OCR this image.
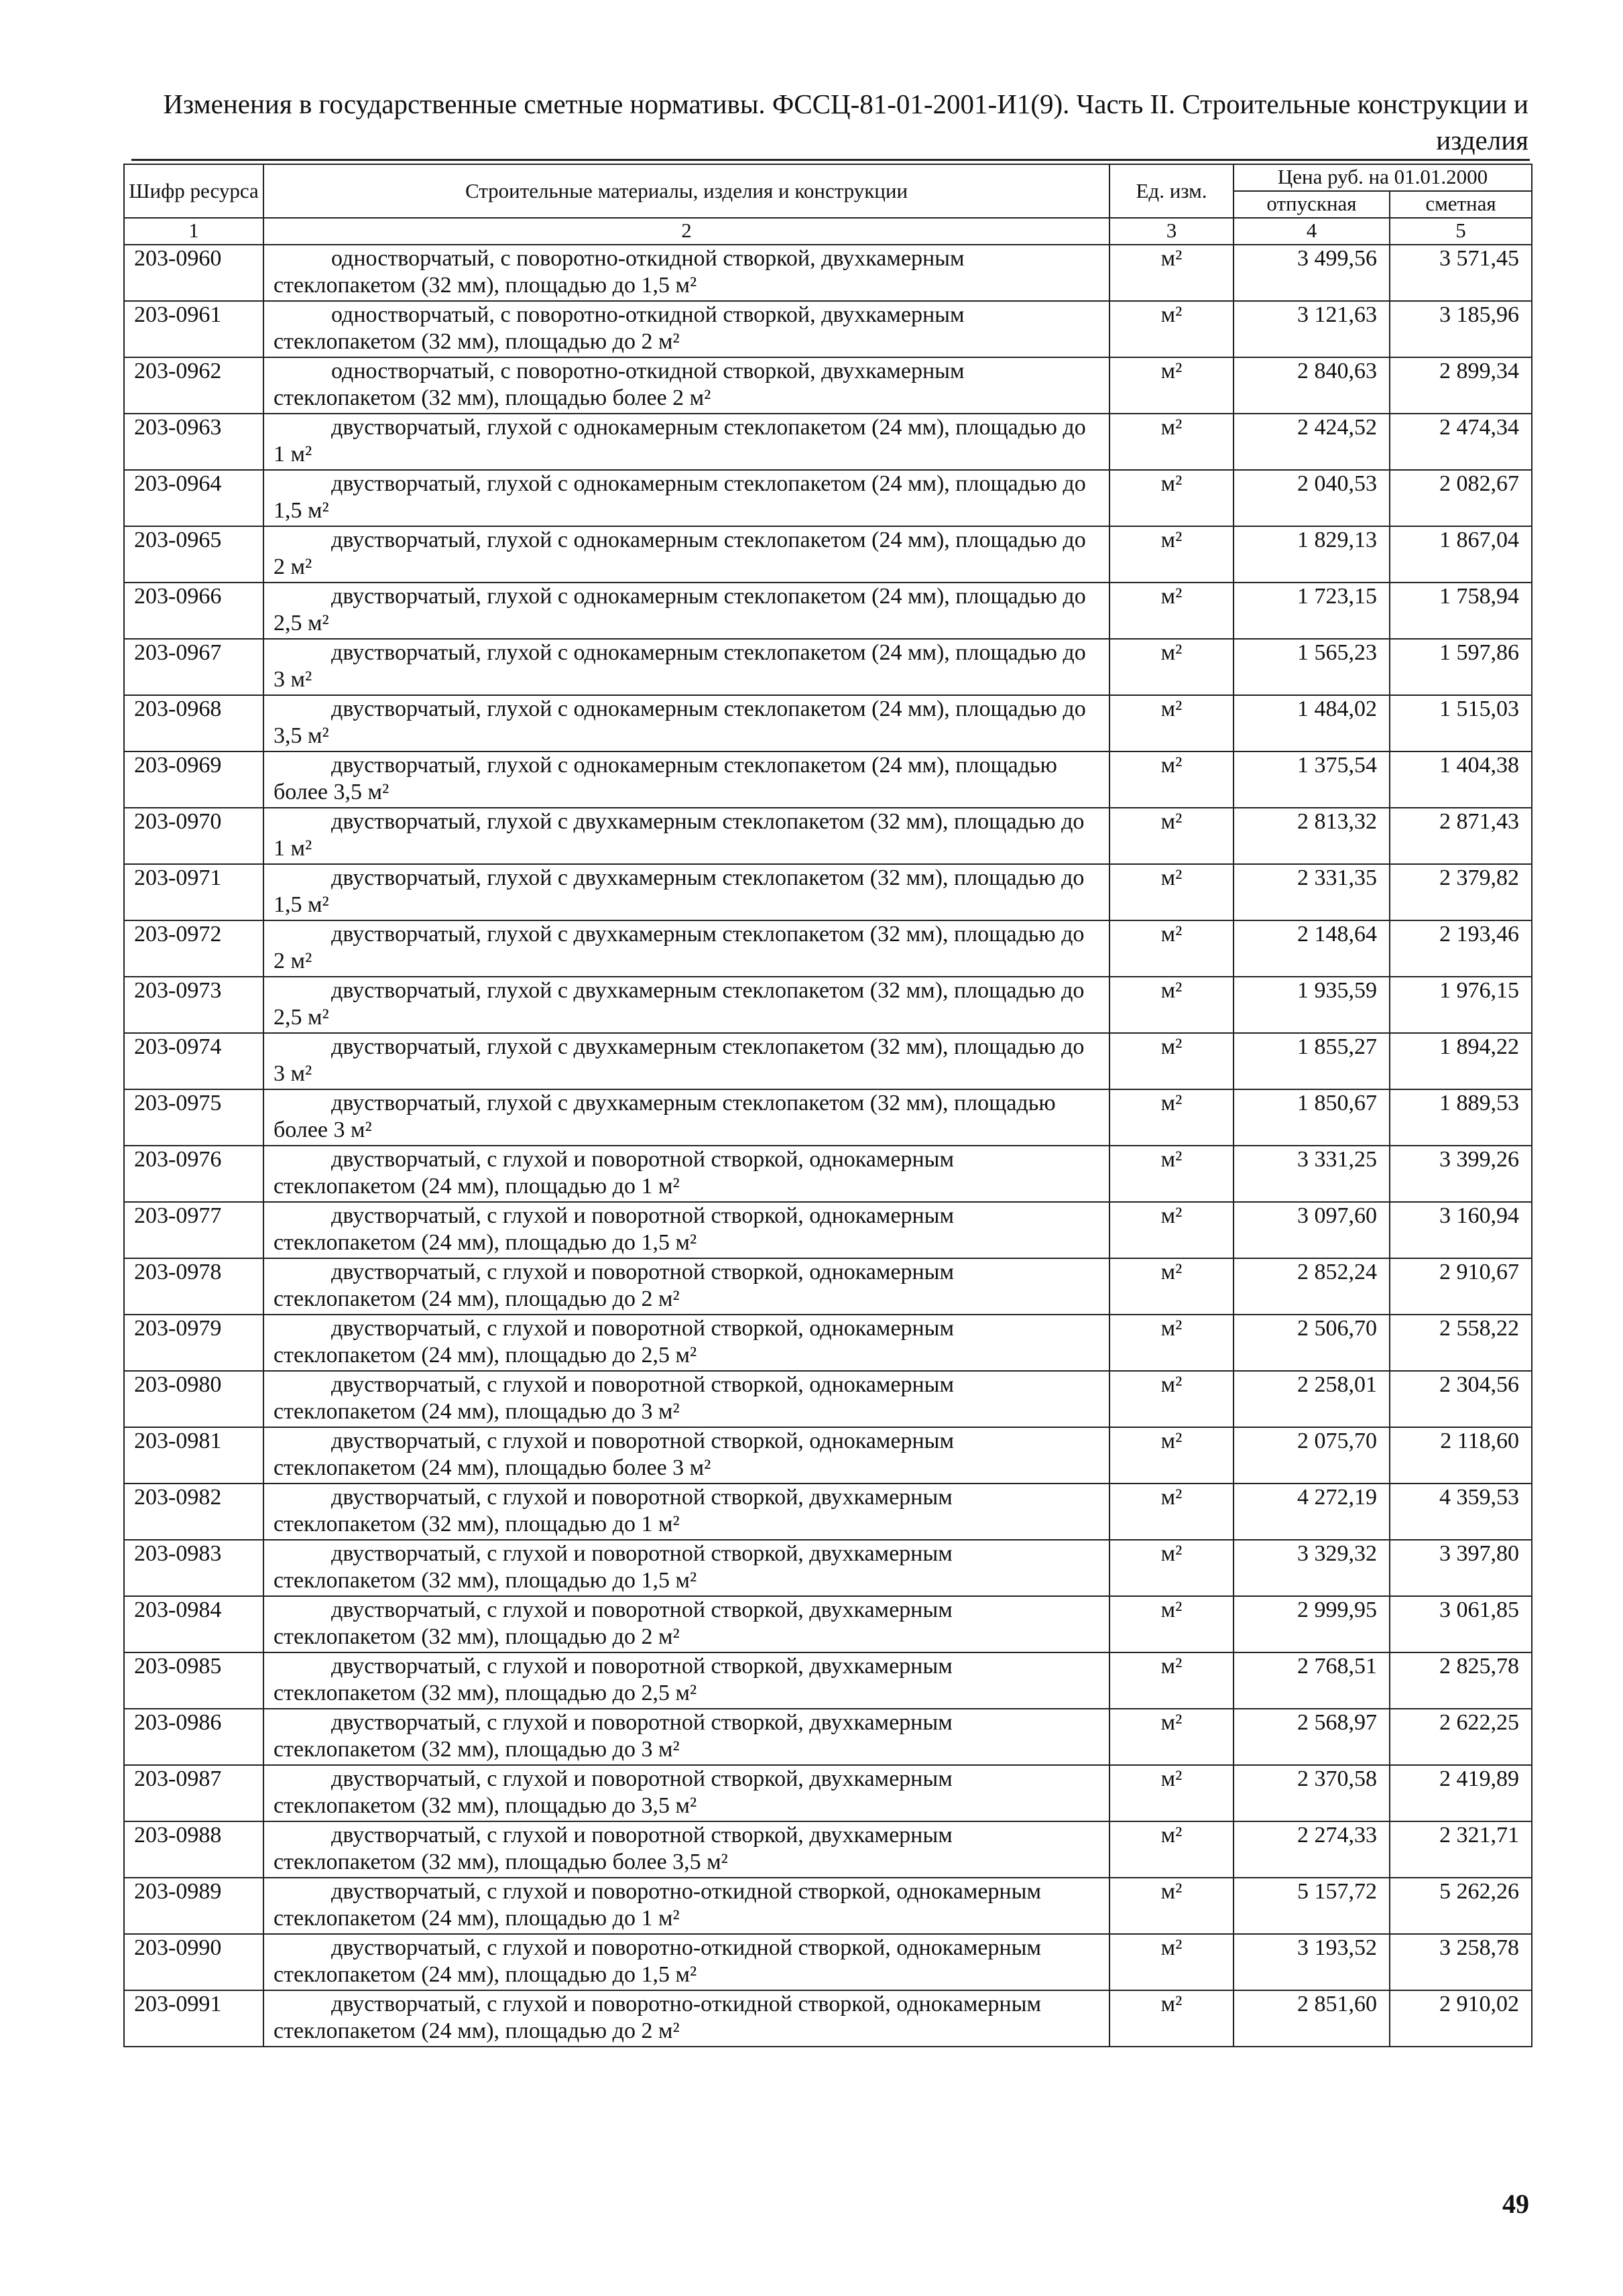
Изменения в государственные сметные нормативы. ФССЦ-81-01-2001-И1(9). Часть II. Строительные конструкции и изделия
Шифр ресурса	Строительные материалы, изделия и конструкции	Ед. изм.	Цена руб. на 01.01.2000	
			отпускная	сметная
1	2	3	4	5
203-0960	одностворчатый, с поворотно-откидной створкой, двухкамерным стеклопакетом (32 мм), площадью до 1,5 м²	м²	3 499,56	3 571,45
203-0961	одностворчатый, с поворотно-откидной створкой, двухкамерным стеклопакетом (32 мм), площадью до 2 м²	м²	3 121,63	3 185,96
203-0962	одностворчатый, с поворотно-откидной створкой, двухкамерным стеклопакетом (32 мм), площадью более 2 м²	м²	2 840,63	2 899,34
203-0963	двустворчатый, глухой с однокамерным стеклопакетом (24 мм), площадью до 1 м²	м²	2 424,52	2 474,34
203-0964	двустворчатый, глухой с однокамерным стеклопакетом (24 мм), площадью до 1,5 м²	м²	2 040,53	2 082,67
203-0965	двустворчатый, глухой с однокамерным стеклопакетом (24 мм), площадью до 2 м²	м²	1 829,13	1 867,04
203-0966	двустворчатый, глухой с однокамерным стеклопакетом (24 мм), площадью до 2,5 м²	м²	1 723,15	1 758,94
203-0967	двустворчатый, глухой с однокамерным стеклопакетом (24 мм), площадью до 3 м²	м²	1 565,23	1 597,86
203-0968	двустворчатый, глухой с однокамерным стеклопакетом (24 мм), площадью до 3,5 м²	м²	1 484,02	1 515,03
203-0969	двустворчатый, глухой с однокамерным стеклопакетом (24 мм), площадью более 3,5 м²	м²	1 375,54	1 404,38
203-0970	двустворчатый, глухой с двухкамерным стеклопакетом (32 мм), площадью до 1 м²	м²	2 813,32	2 871,43
203-0971	двустворчатый, глухой с двухкамерным стеклопакетом (32 мм), площадью до 1,5 м²	м²	2 331,35	2 379,82
203-0972	двустворчатый, глухой с двухкамерным стеклопакетом (32 мм), площадью до 2 м²	м²	2 148,64	2 193,46
203-0973	двустворчатый, глухой с двухкамерным стеклопакетом (32 мм), площадью до 2,5 м²	м²	1 935,59	1 976,15
203-0974	двустворчатый, глухой с двухкамерным стеклопакетом (32 мм), площадью до 3 м²	м²	1 855,27	1 894,22
203-0975	двустворчатый, глухой с двухкамерным стеклопакетом (32 мм), площадью более 3 м²	м²	1 850,67	1 889,53
203-0976	двустворчатый, с глухой и поворотной створкой, однокамерным стеклопакетом (24 мм), площадью до 1 м²	м²	3 331,25	3 399,26
203-0977	двустворчатый, с глухой и поворотной створкой, однокамерным стеклопакетом (24 мм), площадью до 1,5 м²	м²	3 097,60	3 160,94
203-0978	двустворчатый, с глухой и поворотной створкой, однокамерным стеклопакетом (24 мм), площадью до 2 м²	м²	2 852,24	2 910,67
203-0979	двустворчатый, с глухой и поворотной створкой, однокамерным стеклопакетом (24 мм), площадью до 2,5 м²	м²	2 506,70	2 558,22
203-0980	двустворчатый, с глухой и поворотной створкой, однокамерным стеклопакетом (24 мм), площадью до 3 м²	м²	2 258,01	2 304,56
203-0981	двустворчатый, с глухой и поворотной створкой, однокамерным стеклопакетом (24 мм), площадью более 3 м²	м²	2 075,70	2 118,60
203-0982	двустворчатый, с глухой и поворотной створкой, двухкамерным стеклопакетом (32 мм), площадью до 1 м²	м²	4 272,19	4 359,53
203-0983	двустворчатый, с глухой и поворотной створкой, двухкамерным стеклопакетом (32 мм), площадью до 1,5 м²	м²	3 329,32	3 397,80
203-0984	двустворчатый, с глухой и поворотной створкой, двухкамерным стеклопакетом (32 мм), площадью до 2 м²	м²	2 999,95	3 061,85
203-0985	двустворчатый, с глухой и поворотной створкой, двухкамерным стеклопакетом (32 мм), площадью до 2,5 м²	м²	2 768,51	2 825,78
203-0986	двустворчатый, с глухой и поворотной створкой, двухкамерным стеклопакетом (32 мм), площадью до 3 м²	м²	2 568,97	2 622,25
203-0987	двустворчатый, с глухой и поворотной створкой, двухкамерным стеклопакетом (32 мм), площадью до 3,5 м²	м²	2 370,58	2 419,89
203-0988	двустворчатый, с глухой и поворотной створкой, двухкамерным стеклопакетом (32 мм), площадью более 3,5 м²	м²	2 274,33	2 321,71
203-0989	двустворчатый, с глухой и поворотно-откидной створкой, однокамерным стеклопакетом (24 мм), площадью до 1 м²	м²	5 157,72	5 262,26
203-0990	двустворчатый, с глухой и поворотно-откидной створкой, однокамерным стеклопакетом (24 мм), площадью до 1,5 м²	м²	3 193,52	3 258,78
203-0991	двустворчатый, с глухой и поворотно-откидной створкой, однокамерным стеклопакетом (24 мм), площадью до 2 м²	м²	2 851,60	2 910,02
49
